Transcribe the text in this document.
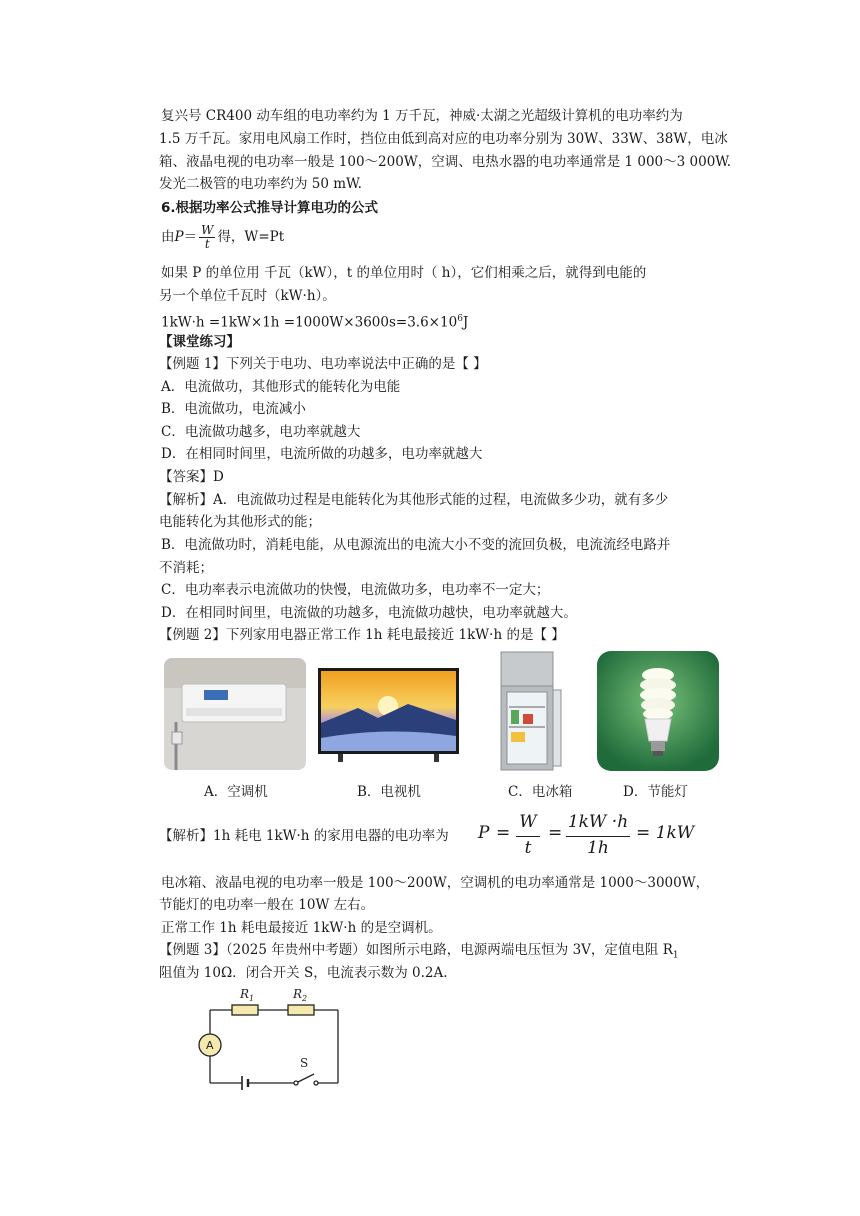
复兴号 CR400 动车组的电功率约为 1 万千瓦，神威·太湖之光超级计算机的电功率约为
1.5 万千瓦。家用电风扇工作时，挡位由低到高对应的电功率分别为 30W、33W、38W，电冰
箱、液晶电视的电功率一般是 100～200W，空调、电热水器的电功率通常是 1 000～3 000W.
发光二极管的电功率约为 50 mW.
6.根据功率公式推导计算电功的公式
由$P= \frac{W}{t}$ 得，W=Pt
如果 P 的单位用 千瓦（kW），t 的单位用时（ h），它们相乘之后，就得到电能的
另一个单位千瓦时（kW·h）。
$1kW\cdot h =1kW\times 1h =1000W\times 3600s=3.6\times 10^6J$
【课堂练习】
【例题 1】下列关于电功、电功率说法中正确的是【 】
A．电流做功，其他形式的能转化为电能
B．电流做功，电流减小
C．电流做功越多，电功率就越大
D．在相同时间里，电流所做的功越多，电功率就越大
【答案】D
【解析】A．电流做功过程是电能转化为其他形式能的过程，电流做多少功，就有多少
电能转化为其他形式的能；
B．电流做功时，消耗电能，从电源流出的电流大小不变的流回负极，电流流经电路并
不消耗；
C．电功率表示电流做功的快慢，电流做功多，电功率不一定大；
D．在相同时间里，电流做的功越多，电流做功越快，电功率就越大。
【例题 2】下列家用电器正常工作 1h 耗电最接近 1kW·h 的是【 】
A．空调机	B．电视机	C．电冰箱	D．节能灯
【解析】1h 耗电 1kW·h 的家用电器的电功率为 P =
W
t
=
1kW ·h
1h
= 1kW
电冰箱、液晶电视的电功率一般是 100～200W，空调机的电功率通常是 1000～3000W，
节能灯的电功率一般在 10W 左右。
正常工作 1h 耗电最接近 1kW·h 的是空调机。
【例题 3】（2025 年贵州中考题）如图所示电路，电源两端电压恒为 3V，定值电阻 $R_1$
阻值为 10Ω．闭合开关 S，电流表示数为 0.2A.
$R_1$	$R_2$
A
S
